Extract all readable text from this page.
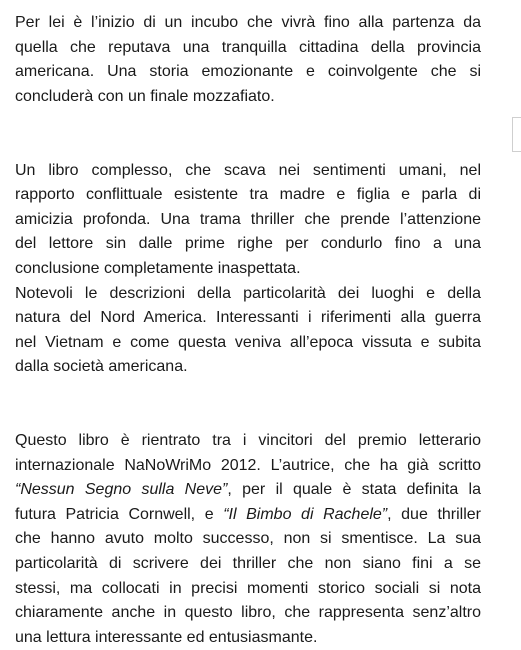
Per lei è l’inizio di un incubo che vivrà fino alla partenza da
quella che reputava una tranquilla cittadina della provincia
americana. Una storia emozionante e coinvolgente che si
concluderà con un finale mozzafiato.

Un libro complesso, che scava nei sentimenti umani, nel
rapporto conflittuale esistente tra madre e figlia e parla di
amicizia profonda. Una trama thriller che prende l’attenzione
del lettore sin dalle prime righe per condurlo fino a una
conclusione completamente inaspettata.
Notevoli le descrizioni della particolarità dei luoghi e della
natura del Nord America. Interessanti i riferimenti alla guerra
nel Vietnam e come questa veniva all’epoca vissuta e subita
dalla società americana.

Questo libro è rientrato tra i vincitori del premio letterario
internazionale NaNoWriMo 2012. L’autrice, che ha già scritto
“Nessun Segno sulla Neve”, per il quale è stata definita la
futura Patricia Cornwell, e “Il Bimbo di Rachele”, due thriller
che hanno avuto molto successo, non si smentisce. La sua
particolarità di scrivere dei thriller che non siano fini a se
stessi, ma collocati in precisi momenti storico sociali si nota
chiaramente anche in questo libro, che rappresenta senz’altro
una lettura interessante ed entusiasmante.
